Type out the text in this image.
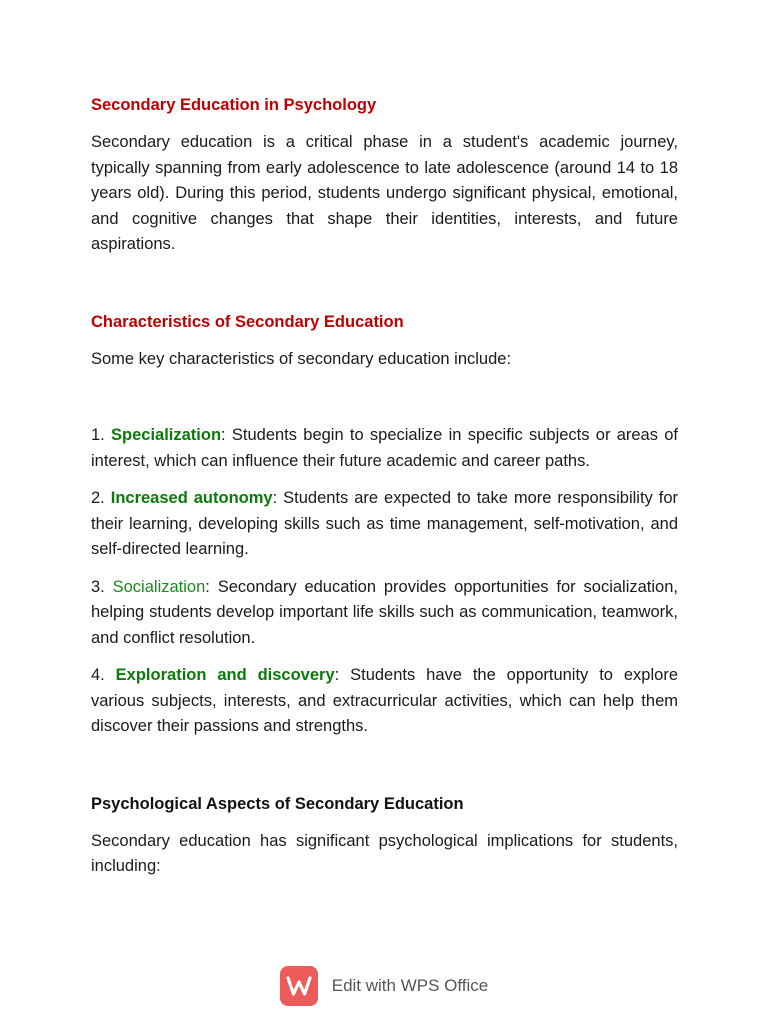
Secondary Education in Psychology

Secondary education is a critical phase in a student's academic journey, typically spanning from early adolescence to late adolescence (around 14 to 18 years old). During this period, students undergo significant physical, emotional, and cognitive changes that shape their identities, interests, and future aspirations.

Characteristics of Secondary Education

Some key characteristics of secondary education include:

1. Specialization: Students begin to specialize in specific subjects or areas of interest, which can influence their future academic and career paths.

2. Increased autonomy: Students are expected to take more responsibility for their learning, developing skills such as time management, self-motivation, and self-directed learning.

3. Socialization: Secondary education provides opportunities for socialization, helping students develop important life skills such as communication, teamwork, and conflict resolution.

4. Exploration and discovery: Students have the opportunity to explore various subjects, interests, and extracurricular activities, which can help them discover their passions and strengths.

Psychological Aspects of Secondary Education

Secondary education has significant psychological implications for students, including:

Edit with WPS Office
